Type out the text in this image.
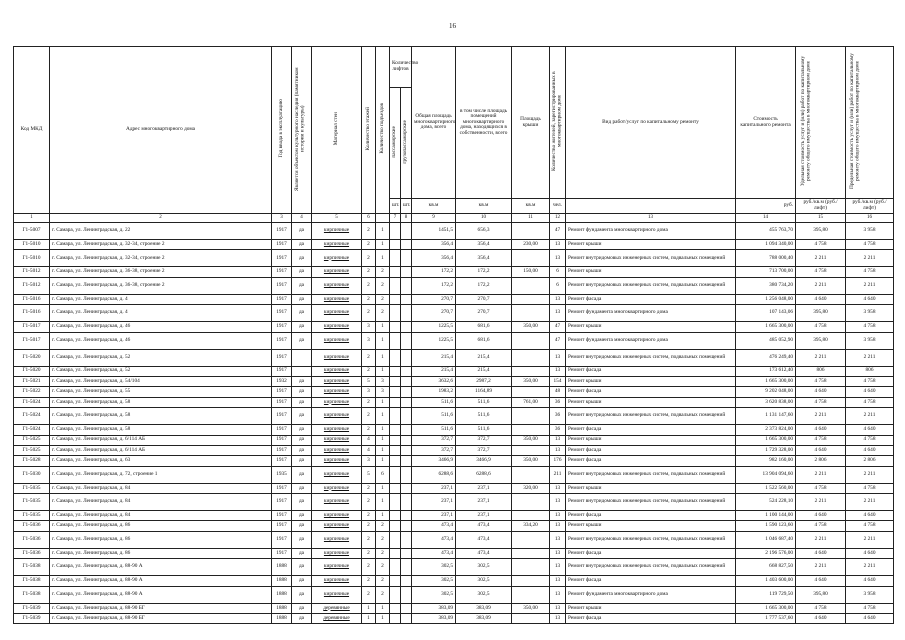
16
Код МКД	Адрес многоквартирного дома	Год ввода в эксплуатацию	Является объектом культурного наследия (памятником истории и культуры)	Материал стен	Количество этажей	Количество подъездов	Количество лифтов		Общая площадь многоквартирного дома, всего	в том числе площадь помещений многоквартирного дома, находящихся в собственности, всего	Площадь крыши	Количество жителей, зарегистрированных в многоквартирном доме	Вид работ/услуг по капитальному ремонту	Стоимость капитального ремонта	Удельная стоимость услуг и (или) работ по капитальному ремонту общего имущества в многоквартирном доме	Предельная стоимость услуг и (или) работ по капитальному ремонту общего имущества в многоквартирном доме
							пассажирские	грузопассажирские								
							шт.	шт.	кв.м	кв.м	кв.м	чел.		руб.	руб./кв.м (руб./лифт)	руб./кв.м (руб./лифт)
1	2	3	4	5	6		7	8	9	10	11	12	13	14	15	16
Г1-5007	г. Самара, ул. Ленинградская, д. 22	1917	да	кирпичные	2	1			1451,5	656,3		47	Ремонт фундамента многоквартирного дома	455 763,70	395,80	3 958
Г1-5010	г. Самара, ул. Ленинградская, д. 32-34, строение 2	1917	да	кирпичные	2	1			356,4	356,4	230,00	13	Ремонт крыши	1 094 340,00	4 758	4 758
Г1-5010	г. Самара, ул. Ленинградская, д. 32-34, строение 2	1917	да	кирпичные	2	1			356,4	356,4		13	Ремонт внутридомовых инженерных систем, подвальных помещений	788 000,40	2 211	2 211
Г1-5012	г. Самара, ул. Ленинградская, д. 36-38, строение 2	1917	да	кирпичные	2	2			172,2	172,2	150,00	6	Ремонт крыши	713 700,00	4 758	4 758
Г1-5012	г. Самара, ул. Ленинградская, д. 36-38, строение 2	1917	да	кирпичные	2	2			172,2	172,2		6	Ремонт внутридомовых инженерных систем, подвальных помещений	380 734,20	2 211	2 211
Г1-5016	г. Самара, ул. Ленинградская, д. 4	1917	да	кирпичные	2	2			270,7	270,7		13	Ремонт фасада	1 256 048,00	4 640	4 640
Г1-5016	г. Самара, ул. Ленинградская, д. 4	1917	да	кирпичные	2	2			270,7	270,7		13	Ремонт фундамента многоквартирного дома	107 143,06	395,80	3 958
Г1-5017	г. Самара, ул. Ленинградская, д. 46	1917	да	кирпичные	3	1			1225,5	681,6	350,00	47	Ремонт крыши	1 665 300,00	4 758	4 758
Г1-5017	г. Самара, ул. Ленинградская, д. 46	1917	да	кирпичные	3	1			1225,5	681,6		47	Ремонт фундамента многоквартирного дома	485 052,90	395,80	3 958
Г1-5020	г. Самара, ул. Ленинградская, д. 52	1917		кирпичные	2	1			215,4	215,4		13	Ремонт внутридомовых инженерных систем, подвальных помещений	476 249,40	2 211	2 211
Г1-5020	г. Самара, ул. Ленинградская, д. 52	1917		кирпичные	2	1			215,4	215,4		13	Ремонт фасада	173 612,40	806	806
Г1-5021	г. Самара, ул. Ленинградская, д. 54/104	1932	да	кирпичные	5	3			3632,6	2987,2	350,00	154	Ремонт крыши	1 665 300,00	4 758	4 758
Г1-5022	г. Самара, ул. Ленинградская, д. 55	1917	да	кирпичные	3	3			1983,2	1164,89		48	Ремонт фасада	9 202 048,00	4 640	4 640
Г1-5024	г. Самара, ул. Ленинградская, д. 58	1917	да	кирпичные	2	1			511,6	511,6	761,00	36	Ремонт крыши	3 620 838,00	4 758	4 758
Г1-5024	г. Самара, ул. Ленинградская, д. 58	1917	да	кирпичные	2	1			511,6	511,6		36	Ремонт внутридомовых инженерных систем, подвальных помещений	1 131 147,60	2 211	2 211
Г1-5024	г. Самара, ул. Ленинградская, д. 58	1917	да	кирпичные	2	1			511,6	511,6		36	Ремонт фасада	2 373 824,00	4 640	4 640
Г1-5025	г. Самара, ул. Ленинградская, д. 6/114 АБ	1917	да	кирпичные	4	1			372,7	372,7	350,00	13	Ремонт крыши	1 665 300,00	4 758	4 758
Г1-5025	г. Самара, ул. Ленинградская, д. 6/114 АБ	1917	да	кирпичные	4	1			372,7	372,7		13	Ремонт фасада	1 729 328,00	4 640	4 640
Г1-5028	г. Самара, ул. Ленинградская, д. 63	1917	да	кирпичные	3	1			3466,9	3466,9	350,00	176	Ремонт фасада	982 160,00	2 806	2 806
Г1-5030	г. Самара, ул. Ленинградская, д. 72, строение 1	1935	да	кирпичные	5	6			6288,6	6288,6		211	Ремонт внутридомовых инженерных систем, подвальных помещений	13 904 094,60	2 211	2 211
Г1-5035	г. Самара, ул. Ленинградская, д. 84	1917	да	кирпичные	2	1			237,1	237,1	320,00	13	Ремонт крыши	1 522 560,00	4 758	4 758
Г1-5035	г. Самара, ул. Ленинградская, д. 84	1917	да	кирпичные	2	1			237,1	237,1		13	Ремонт внутридомовых инженерных систем, подвальных помещений	524 228,10	2 211	2 211
Г1-5035	г. Самара, ул. Ленинградская, д. 84	1917	да	кирпичные	2	1			237,1	237,1		13	Ремонт фасада	1 100 144,00	4 640	4 640
Г1-5036	г. Самара, ул. Ленинградская, д. 86	1917	да	кирпичные	2	2			473,4	473,4	334,20	13	Ремонт крыши	1 590 123,60	4 758	4 758
Г1-5036	г. Самара, ул. Ленинградская, д. 86	1917	да	кирпичные	2	2			473,4	473,4		13	Ремонт внутридомовых инженерных систем, подвальных помещений	1 046 687,40	2 211	2 211
Г1-5036	г. Самара, ул. Ленинградская, д. 86	1917	да	кирпичные	2	2			473,4	473,4		13	Ремонт фасада	2 196 576,00	4 640	4 640
Г1-5038	г. Самара, ул. Ленинградская, д. 88-90 А	1888	да	кирпичные	2	2			302,5	302,5		13	Ремонт внутридомовых инженерных систем, подвальных помещений	668 827,50	2 211	2 211
Г1-5038	г. Самара, ул. Ленинградская, д. 88-90 А	1888	да	кирпичные	2	2			302,5	302,5		13	Ремонт фасада	1 403 600,00	4 640	4 640
Г1-5038	г. Самара, ул. Ленинградская, д. 88-90 А	1888	да	кирпичные	2	2			302,5	302,5		13	Ремонт фундамента многоквартирного дома	119 729,50	395,80	3 958
Г1-5039	г. Самара, ул. Ленинградская, д. 88-90 БГ	1888	да	деревянные	1	1			383,09	383,09	350,00	13	Ремонт крыши	1 665 300,00	4 758	4 758
Г1-5039	г. Самара, ул. Ленинградская, д. 88-90 БГ	1888	да	деревянные	1	1			383,09	383,09		13	Ремонт фасада	1 777 537,60	4 640	4 640
